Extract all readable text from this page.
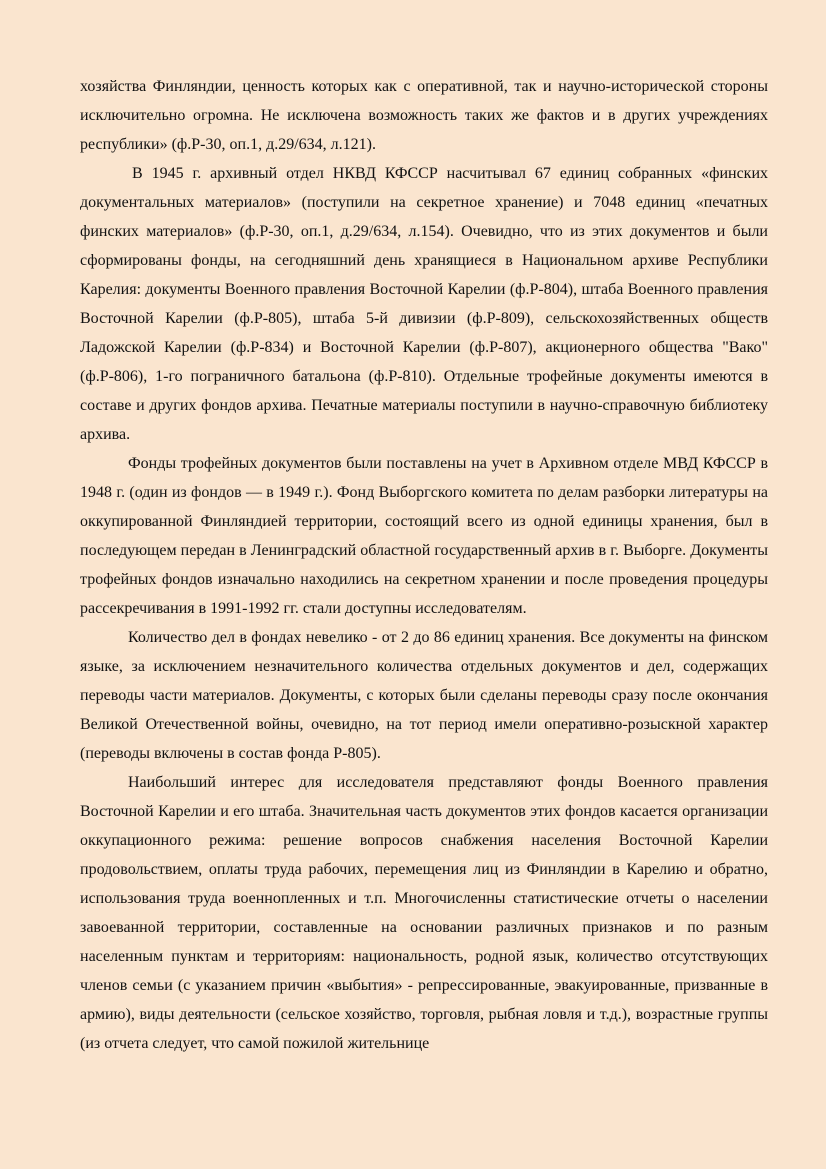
хозяйства Финляндии, ценность которых как с оперативной, так и научно-исторической стороны исключительно огромна. Не исключена возможность таких же фактов и в других учреждениях республики» (ф.Р-30, оп.1, д.29/634, л.121).

В 1945 г. архивный отдел НКВД КФССР насчитывал 67 единиц собранных «финских документальных материалов» (поступили на секретное хранение) и 7048 единиц «печатных финских материалов» (ф.Р-30, оп.1, д.29/634, л.154). Очевидно, что из этих документов и были сформированы фонды, на сегодняшний день хранящиеся в Национальном архиве Республики Карелия: документы Военного правления Восточной Карелии (ф.Р-804), штаба Военного правления Восточной Карелии (ф.Р-805), штаба 5-й дивизии (ф.Р-809), сельскохозяйственных обществ Ладожской Карелии (ф.Р-834) и Восточной Карелии (ф.Р-807), акционерного общества "Вако" (ф.Р-806), 1-го пограничного батальона (ф.Р-810). Отдельные трофейные документы имеются в составе и других фондов архива. Печатные материалы поступили в научно-справочную библиотеку архива.

Фонды трофейных документов были поставлены на учет в Архивном отделе МВД КФССР в 1948 г. (один из фондов — в 1949 г.). Фонд Выборгского комитета по делам разборки литературы на оккупированной Финляндией территории, состоящий всего из одной единицы хранения, был в последующем передан в Ленинградский областной государственный архив в г. Выборге. Документы трофейных фондов изначально находились на секретном хранении и после проведения процедуры рассекречивания в 1991-1992 гг. стали доступны исследователям.

Количество дел в фондах невелико - от 2 до 86 единиц хранения. Все документы на финском языке, за исключением незначительного количества отдельных документов и дел, содержащих переводы части материалов. Документы, с которых были сделаны переводы сразу после окончания Великой Отечественной войны, очевидно, на тот период имели оперативно-розыскной характер (переводы включены в состав фонда Р-805).

Наибольший интерес для исследователя представляют фонды Военного правления Восточной Карелии и его штаба. Значительная часть документов этих фондов касается организации оккупационного режима: решение вопросов снабжения населения Восточной Карелии продовольствием, оплаты труда рабочих, перемещения лиц из Финляндии в Карелию и обратно, использования труда военнопленных и т.п. Многочисленны статистические отчеты о населении завоеванной территории, составленные на основании различных признаков и по разным населенным пунктам и территориям: национальность, родной язык, количество отсутствующих членов семьи (с указанием причин «выбытия» - репрессированные, эвакуированные, призванные в армию), виды деятельности (сельское хозяйство, торговля, рыбная ловля и т.д.), возрастные группы (из отчета следует, что самой пожилой жительнице
